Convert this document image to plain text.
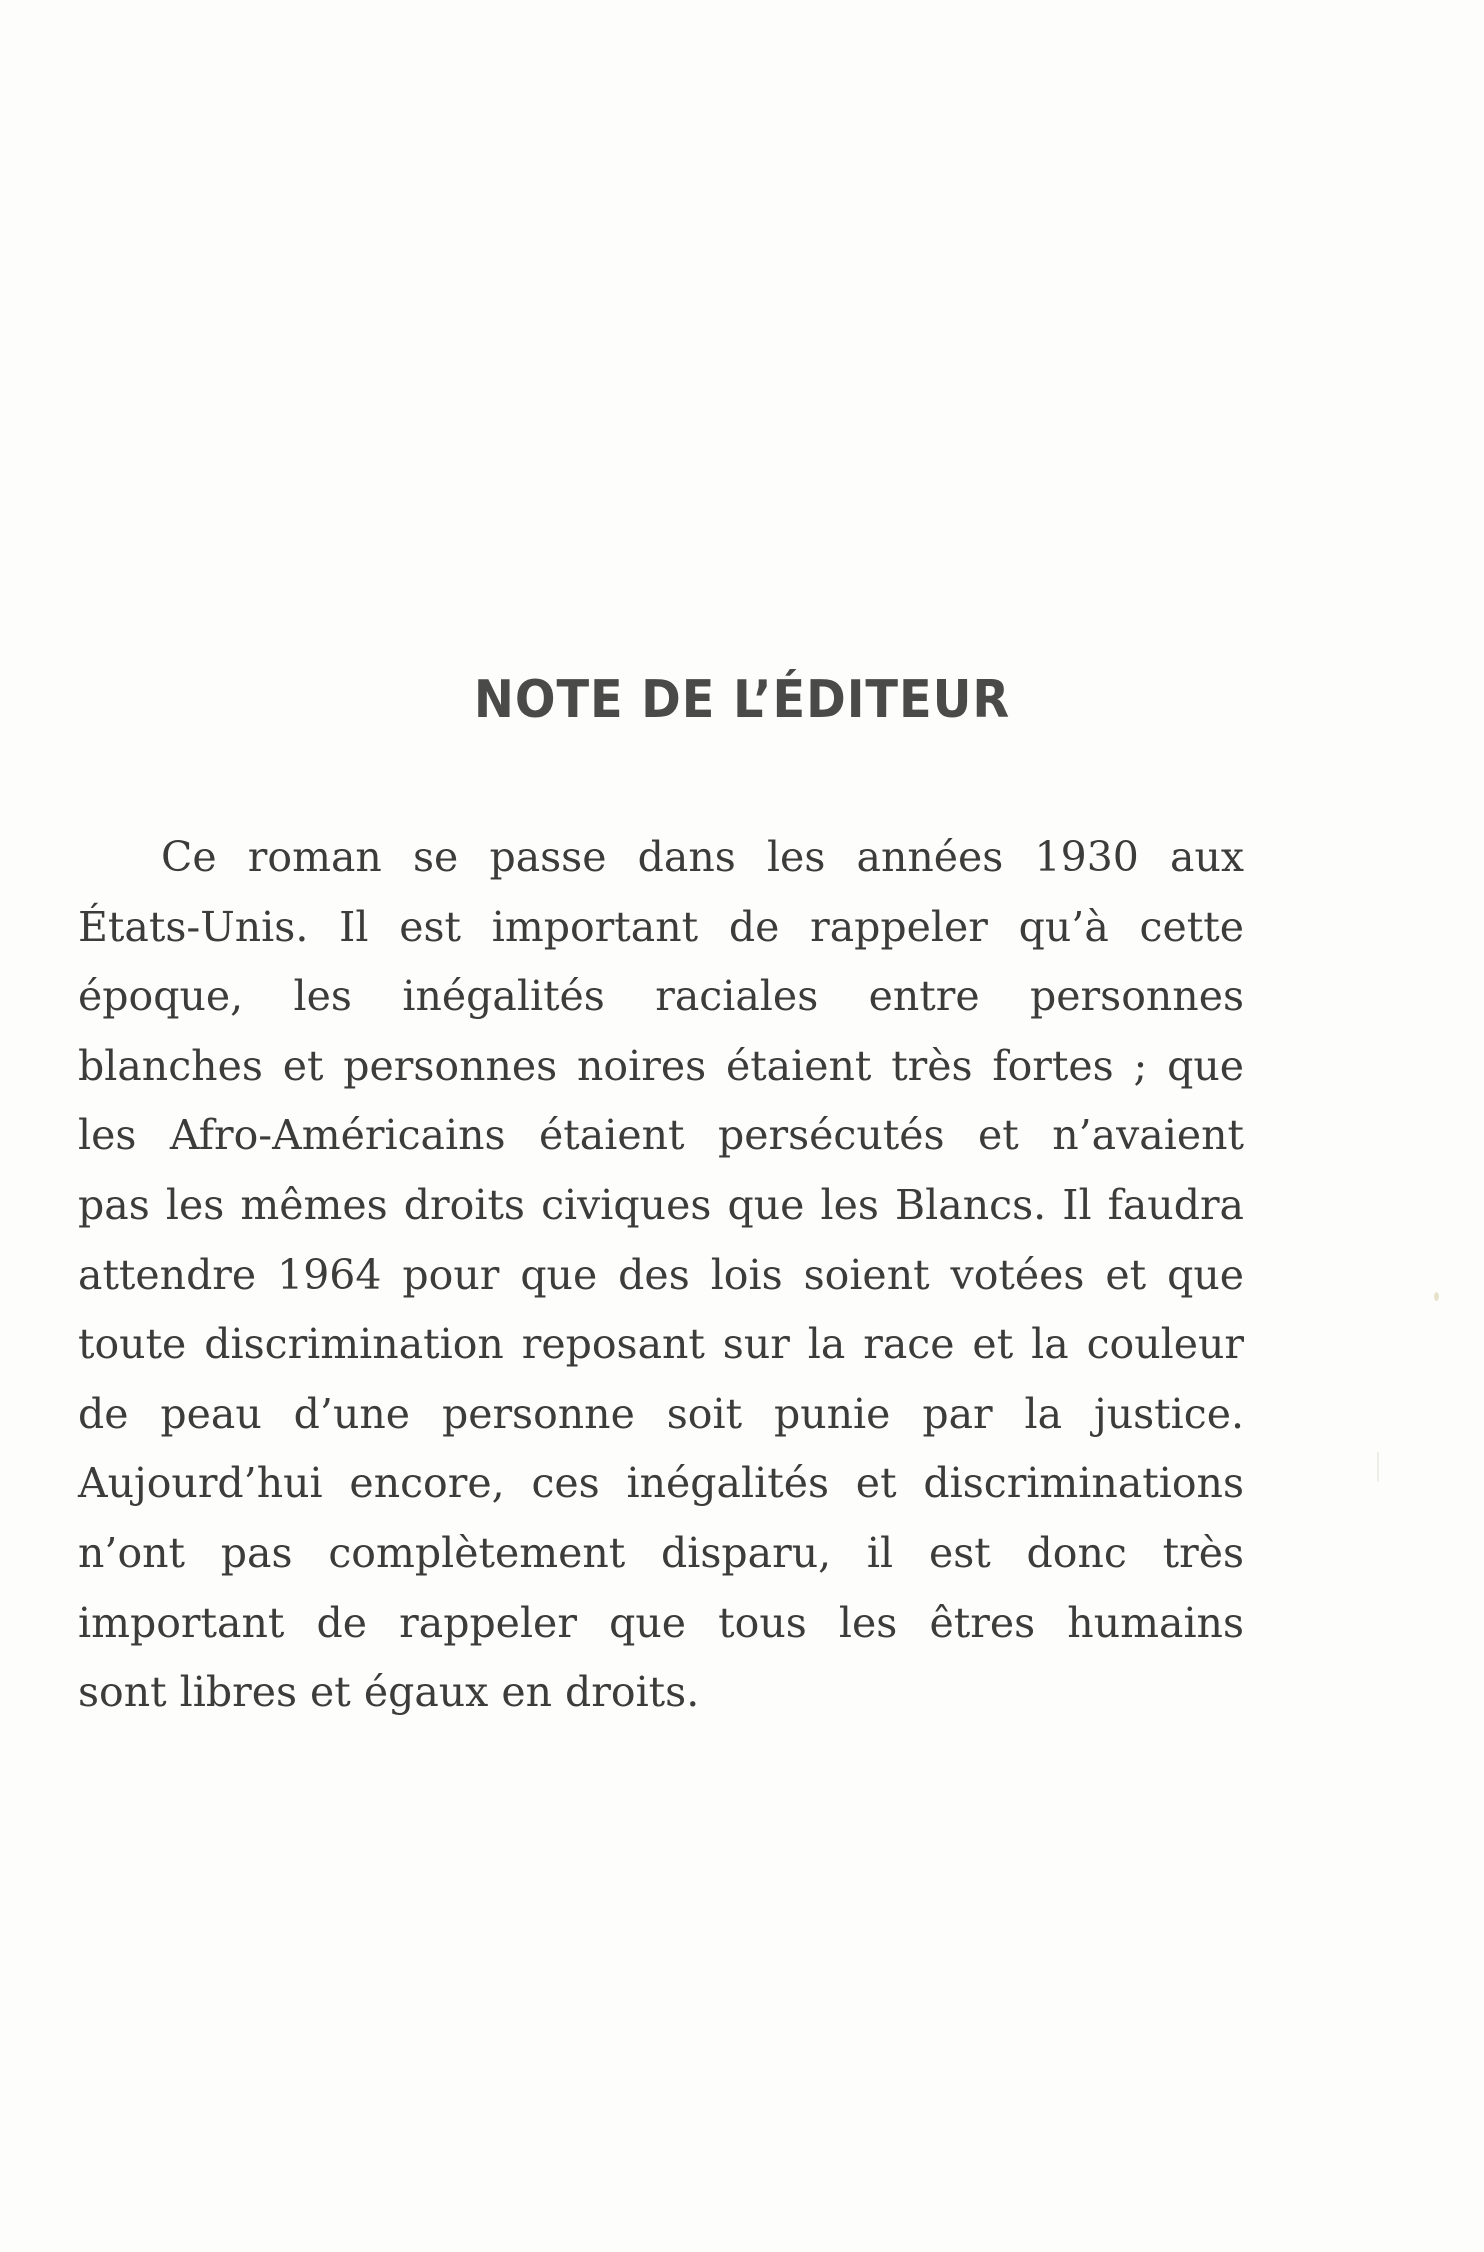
NOTE DE L’ÉDITEUR
Ce roman se passe dans les années 1930 aux
États-Unis. Il est important de rappeler qu’à cette
époque, les inégalités raciales entre personnes
blanches et personnes noires étaient très fortes ; que
les Afro-Américains étaient persécutés et n’avaient
pas les mêmes droits civiques que les Blancs. Il faudra
attendre 1964 pour que des lois soient votées et que
toute discrimination reposant sur la race et la couleur
de peau d’une personne soit punie par la justice.
Aujourd’hui encore, ces inégalités et discriminations
n’ont pas complètement disparu, il est donc très
important de rappeler que tous les êtres humains
sont libres et égaux en droits.
